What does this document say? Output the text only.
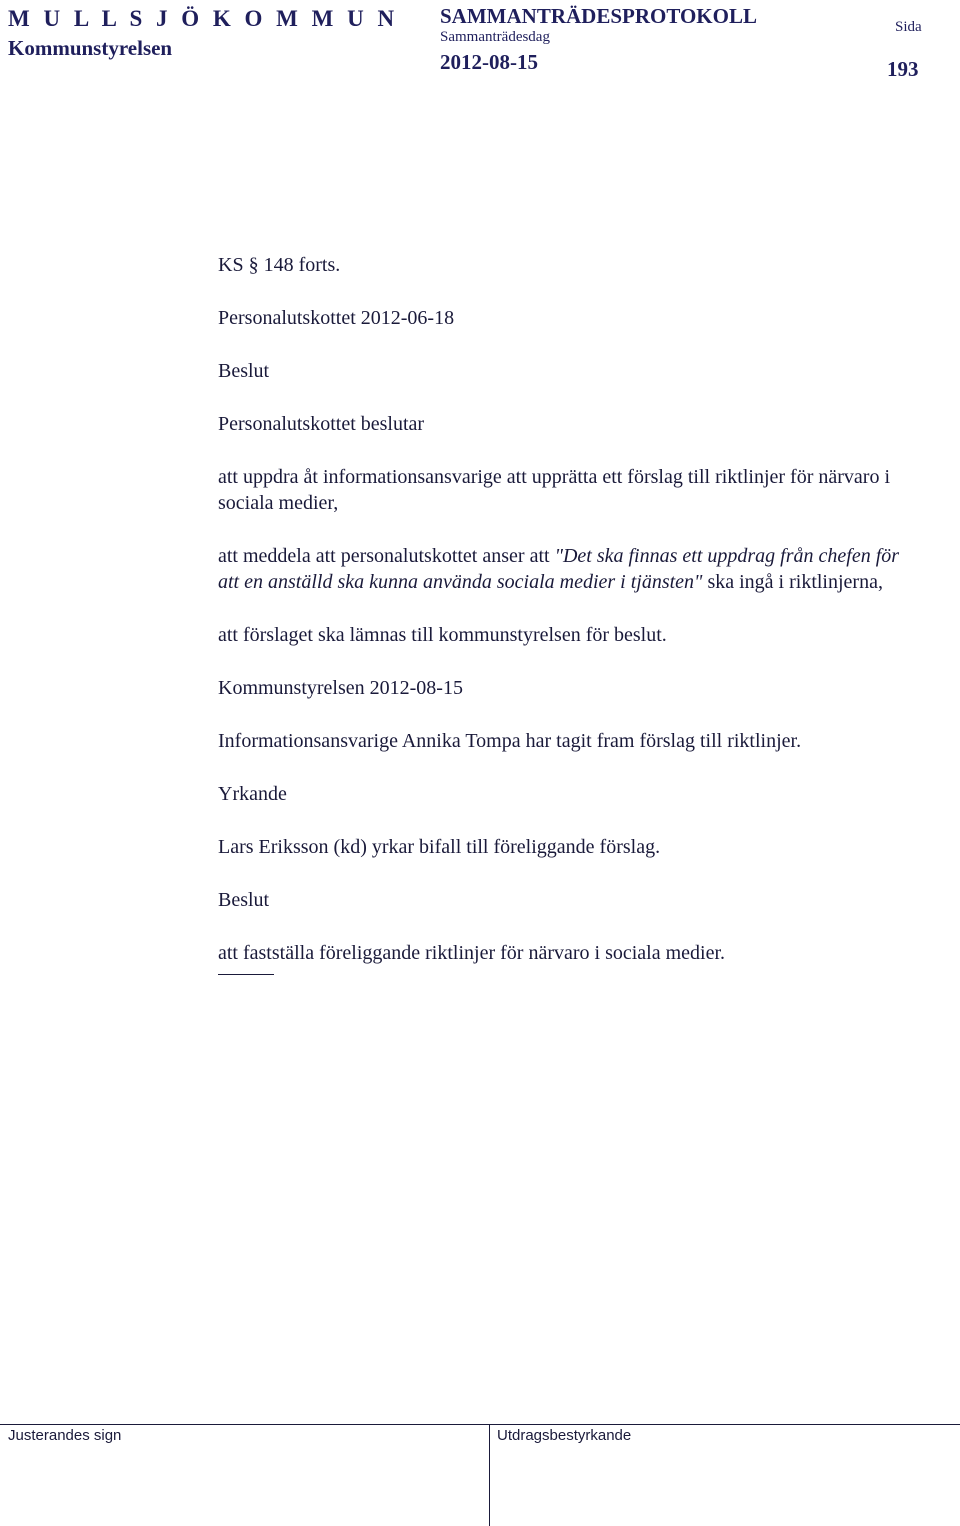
M U L L S J Ö K O M M U N
Kommunstyrelsen
SAMMANTRÄDESPROTOKOLL
Sammanträdesdag
2012-08-15
Sida
193

KS § 148 forts.

Personalutskottet 2012-06-18

Beslut

Personalutskottet beslutar

att uppdra åt informationsansvarige att upprätta ett förslag till riktlinjer för närvaro i sociala medier,

att meddela att personalutskottet anser att "Det ska finnas ett uppdrag från chefen för att en anställd ska kunna använda sociala medier i tjänsten" ska ingå i riktlinjerna,

att förslaget ska lämnas till kommunstyrelsen för beslut.

Kommunstyrelsen 2012-08-15

Informationsansvarige Annika Tompa har tagit fram förslag till riktlinjer.

Yrkande

Lars Eriksson (kd) yrkar bifall till föreliggande förslag.

Beslut

att fastställa föreliggande riktlinjer för närvaro i sociala medier.

Justerandes sign	Utdragsbestyrkande
